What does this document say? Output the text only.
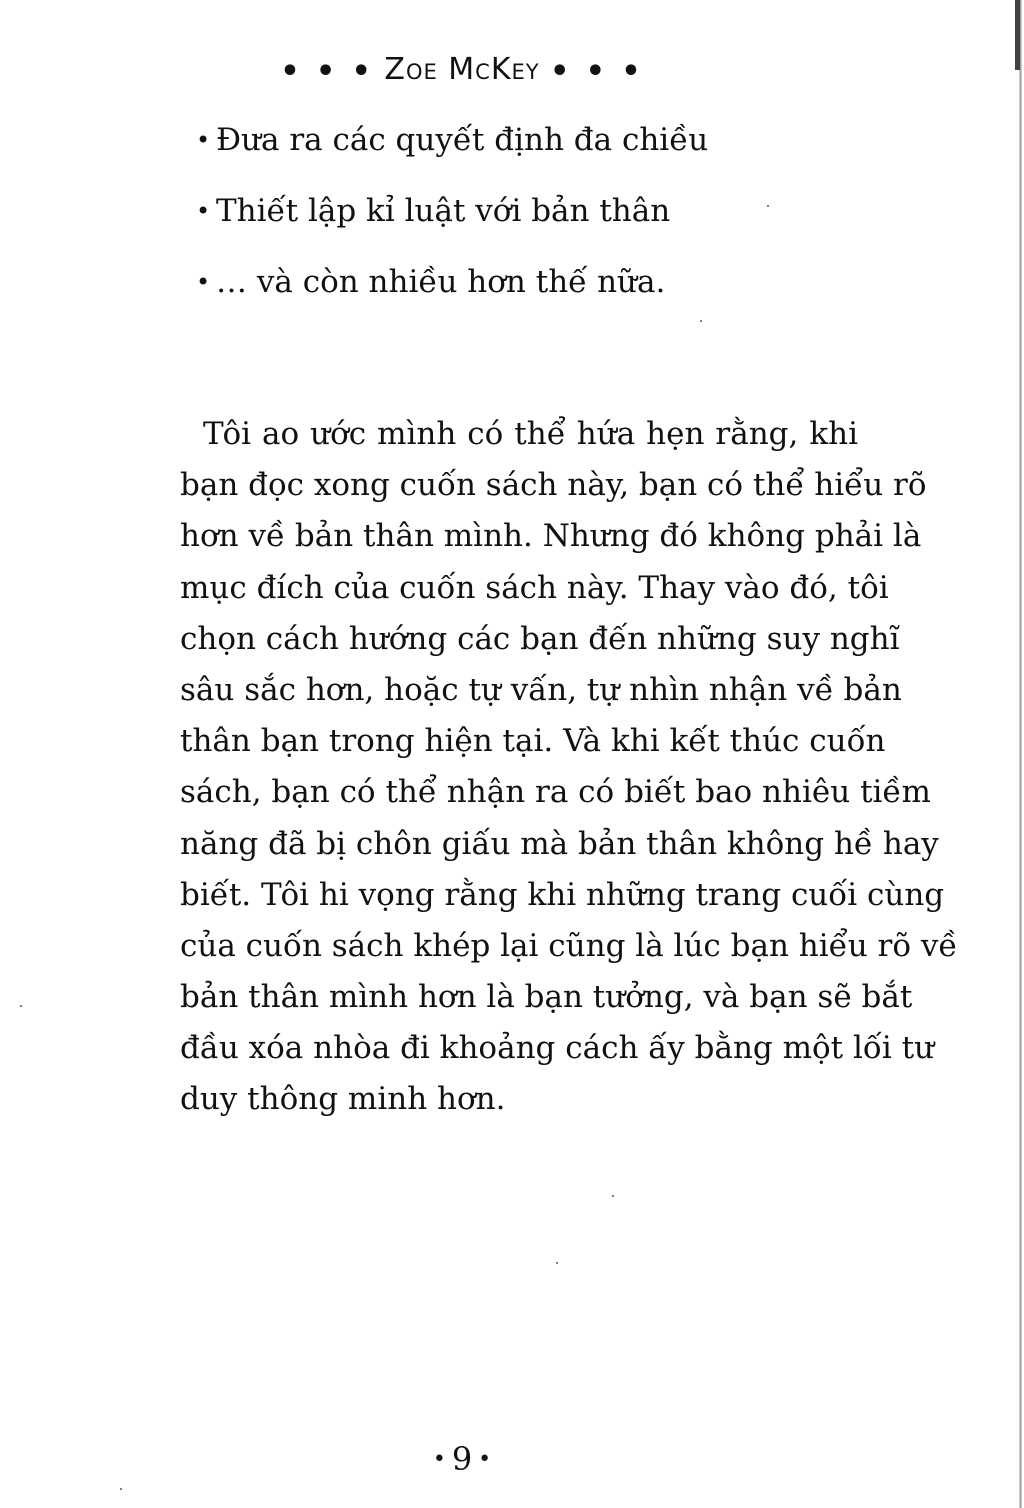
• • • Zoe McKey • • •
• Đưa ra các quyết định đa chiều
• Thiết lập kỉ luật với bản thân
• … và còn nhiều hơn thế nữa.
Tôi ao ước mình có thể hứa hẹn rằng, khi
bạn đọc xong cuốn sách này, bạn có thể hiểu rõ
hơn về bản thân mình. Nhưng đó không phải là
mục đích của cuốn sách này. Thay vào đó, tôi
chọn cách hướng các bạn đến những suy nghĩ
sâu sắc hơn, hoặc tự vấn, tự nhìn nhận về bản
thân bạn trong hiện tại. Và khi kết thúc cuốn
sách, bạn có thể nhận ra có biết bao nhiêu tiềm
năng đã bị chôn giấu mà bản thân không hề hay
biết. Tôi hi vọng rằng khi những trang cuối cùng
của cuốn sách khép lại cũng là lúc bạn hiểu rõ về
bản thân mình hơn là bạn tưởng, và bạn sẽ bắt
đầu xóa nhòa đi khoảng cách ấy bằng một lối tư
duy thông minh hơn.
• 9 •
